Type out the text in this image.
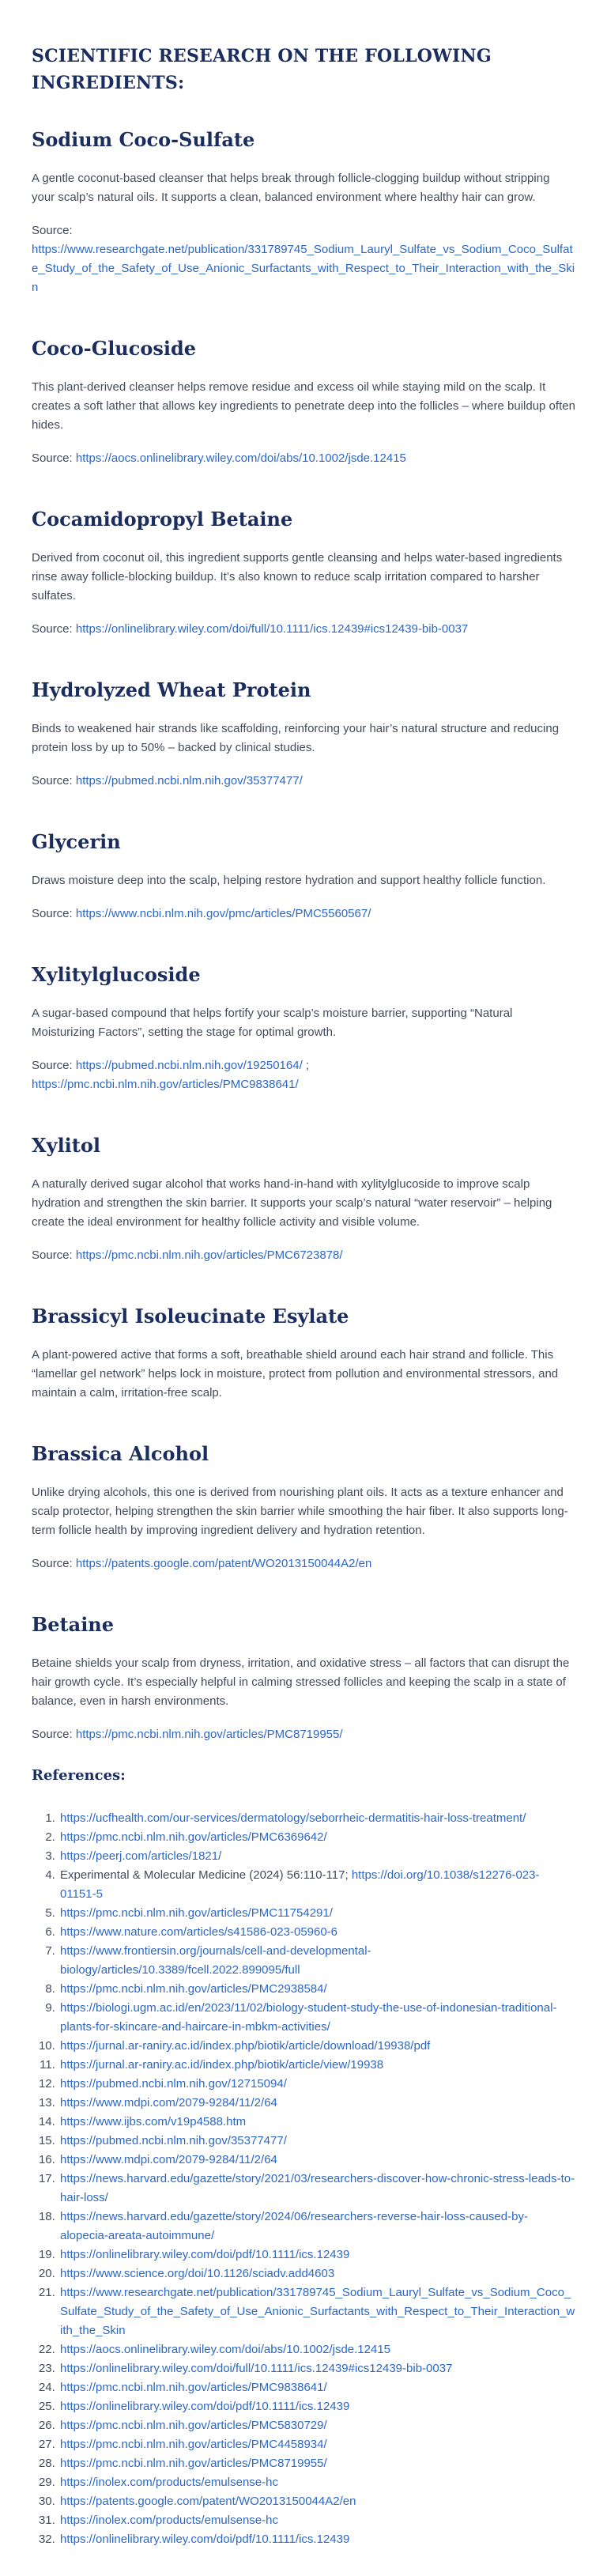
SCIENTIFIC RESEARCH ON THE FOLLOWING INGREDIENTS:
Sodium Coco-Sulfate

A gentle coconut-based cleanser that helps break through follicle-clogging buildup without stripping your scalp’s natural oils. It supports a clean, balanced environment where healthy hair can grow.

Source:
https://www.researchgate.net/publication/331789745_Sodium_Lauryl_Sulfate_vs_Sodium_Coco_Sulfate_Study_of_the_Safety_of_Use_Anionic_Surfactants_with_Respect_to_Their_Interaction_with_the_Skin

Coco-Glucoside

This plant-derived cleanser helps remove residue and excess oil while staying mild on the scalp. It creates a soft lather that allows key ingredients to penetrate deep into the follicles – where buildup often hides.

Source: https://aocs.onlinelibrary.wiley.com/doi/abs/10.1002/jsde.12415

Cocamidopropyl Betaine

Derived from coconut oil, this ingredient supports gentle cleansing and helps water-based ingredients rinse away follicle-blocking buildup. It’s also known to reduce scalp irritation compared to harsher sulfates.

Source: https://onlinelibrary.wiley.com/doi/full/10.1111/ics.12439#ics12439-bib-0037

Hydrolyzed Wheat Protein

Binds to weakened hair strands like scaffolding, reinforcing your hair’s natural structure and reducing protein loss by up to 50% – backed by clinical studies.

Source: https://pubmed.ncbi.nlm.nih.gov/35377477/

Glycerin

Draws moisture deep into the scalp, helping restore hydration and support healthy follicle function.

Source: https://www.ncbi.nlm.nih.gov/pmc/articles/PMC5560567/

Xylitylglucoside

A sugar-based compound that helps fortify your scalp’s moisture barrier, supporting “Natural Moisturizing Factors”, setting the stage for optimal growth.

Source: https://pubmed.ncbi.nlm.nih.gov/19250164/ ;
https://pmc.ncbi.nlm.nih.gov/articles/PMC9838641/

Xylitol

A naturally derived sugar alcohol that works hand-in-hand with xylitylglucoside to improve scalp hydration and strengthen the skin barrier. It supports your scalp’s natural “water reservoir” – helping create the ideal environment for healthy follicle activity and visible volume.

Source: https://pmc.ncbi.nlm.nih.gov/articles/PMC6723878/

Brassicyl Isoleucinate Esylate

A plant-powered active that forms a soft, breathable shield around each hair strand and follicle. This “lamellar gel network” helps lock in moisture, protect from pollution and environmental stressors, and maintain a calm, irritation-free scalp.

Brassica Alcohol

Unlike drying alcohols, this one is derived from nourishing plant oils. It acts as a texture enhancer and scalp protector, helping strengthen the skin barrier while smoothing the hair fiber. It also supports long-term follicle health by improving ingredient delivery and hydration retention.

Source: https://patents.google.com/patent/WO2013150044A2/en

Betaine

Betaine shields your scalp from dryness, irritation, and oxidative stress – all factors that can disrupt the hair growth cycle. It’s especially helpful in calming stressed follicles and keeping the scalp in a state of balance, even in harsh environments.

Source: https://pmc.ncbi.nlm.nih.gov/articles/PMC8719955/

References:
1. https://ucfhealth.com/our-services/dermatology/seborrheic-dermatitis-hair-loss-treatment/
2. https://pmc.ncbi.nlm.nih.gov/articles/PMC6369642/
3. https://peerj.com/articles/1821/
4. Experimental & Molecular Medicine (2024) 56:110-117; https://doi.org/10.1038/s12276-023-01151-5
5. https://pmc.ncbi.nlm.nih.gov/articles/PMC11754291/
6. https://www.nature.com/articles/s41586-023-05960-6
7. https://www.frontiersin.org/journals/cell-and-developmental-biology/articles/10.3389/fcell.2022.899095/full
8. https://pmc.ncbi.nlm.nih.gov/articles/PMC2938584/
9. https://biologi.ugm.ac.id/en/2023/11/02/biology-student-study-the-use-of-indonesian-traditional-plants-for-skincare-and-haircare-in-mbkm-activities/
10. https://jurnal.ar-raniry.ac.id/index.php/biotik/article/download/19938/pdf
11. https://jurnal.ar-raniry.ac.id/index.php/biotik/article/view/19938
12. https://pubmed.ncbi.nlm.nih.gov/12715094/
13. https://www.mdpi.com/2079-9284/11/2/64
14. https://www.ijbs.com/v19p4588.htm
15. https://pubmed.ncbi.nlm.nih.gov/35377477/
16. https://www.mdpi.com/2079-9284/11/2/64
17. https://news.harvard.edu/gazette/story/2021/03/researchers-discover-how-chronic-stress-leads-to-hair-loss/
18. https://news.harvard.edu/gazette/story/2024/06/researchers-reverse-hair-loss-caused-by-alopecia-areata-autoimmune/
19. https://onlinelibrary.wiley.com/doi/pdf/10.1111/ics.12439
20. https://www.science.org/doi/10.1126/sciadv.add4603
21. https://www.researchgate.net/publication/331789745_Sodium_Lauryl_Sulfate_vs_Sodium_Coco_Sulfate_Study_of_the_Safety_of_Use_Anionic_Surfactants_with_Respect_to_Their_Interaction_with_the_Skin
22. https://aocs.onlinelibrary.wiley.com/doi/abs/10.1002/jsde.12415
23. https://onlinelibrary.wiley.com/doi/full/10.1111/ics.12439#ics12439-bib-0037
24. https://pmc.ncbi.nlm.nih.gov/articles/PMC9838641/
25. https://onlinelibrary.wiley.com/doi/pdf/10.1111/ics.12439
26. https://pmc.ncbi.nlm.nih.gov/articles/PMC5830729/
27. https://pmc.ncbi.nlm.nih.gov/articles/PMC4458934/
28. https://pmc.ncbi.nlm.nih.gov/articles/PMC8719955/
29. https://inolex.com/products/emulsense-hc
30. https://patents.google.com/patent/WO2013150044A2/en
31. https://inolex.com/products/emulsense-hc
32. https://onlinelibrary.wiley.com/doi/pdf/10.1111/ics.12439
